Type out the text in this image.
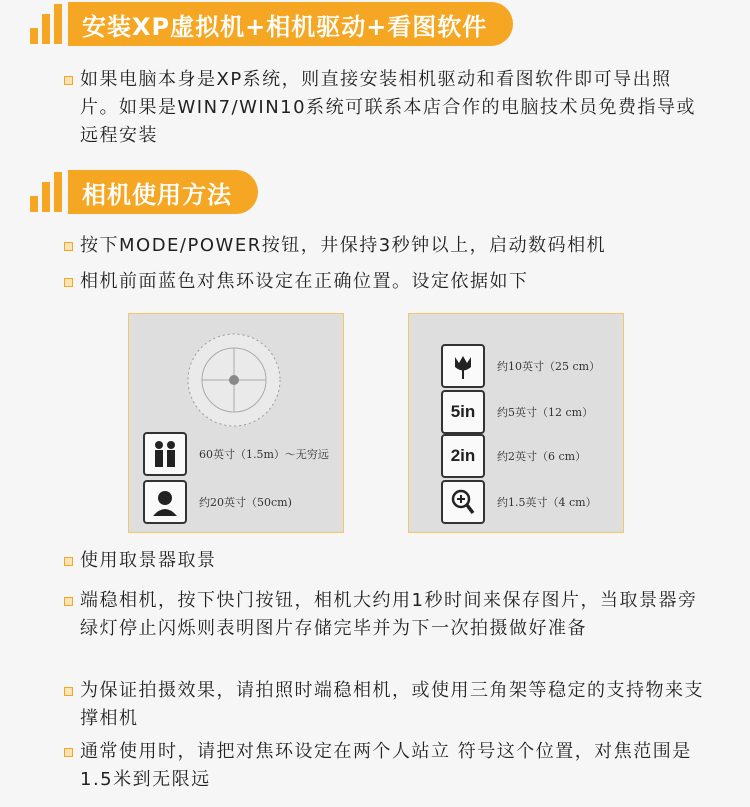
安装XP虚拟机+相机驱动+看图软件
如果电脑本身是XP系统，则直接安装相机驱动和看图软件即可导出照片。如果是WIN7/WIN10系统可联系本店合作的电脑技术员免费指导或远程安装
相机使用方法
按下MODE/POWER按钮，井保持3秒钟以上，启动数码相机
相机前面蓝色对焦环设定在正确位置。设定依据如下
60英寸（1.5m）～无穷远
约20英寸（50cm)
约10英寸（25 cm）
5in	约5英寸（12 cm）
2in	约2英寸（6 cm）
约1.5英寸（4 cm）
使用取景器取景
端稳相机，按下快门按钮，相机大约用1秒时间来保存图片，当取景器旁绿灯停止闪烁则表明图片存储完毕并为下一次拍摄做好准备
为保证拍摄效果，请拍照时端稳相机，或使用三角架等稳定的支持物来支撑相机
通常使用时，请把对焦环设定在两个人站立 符号这个位置，对焦范围是1.5米到无限远
